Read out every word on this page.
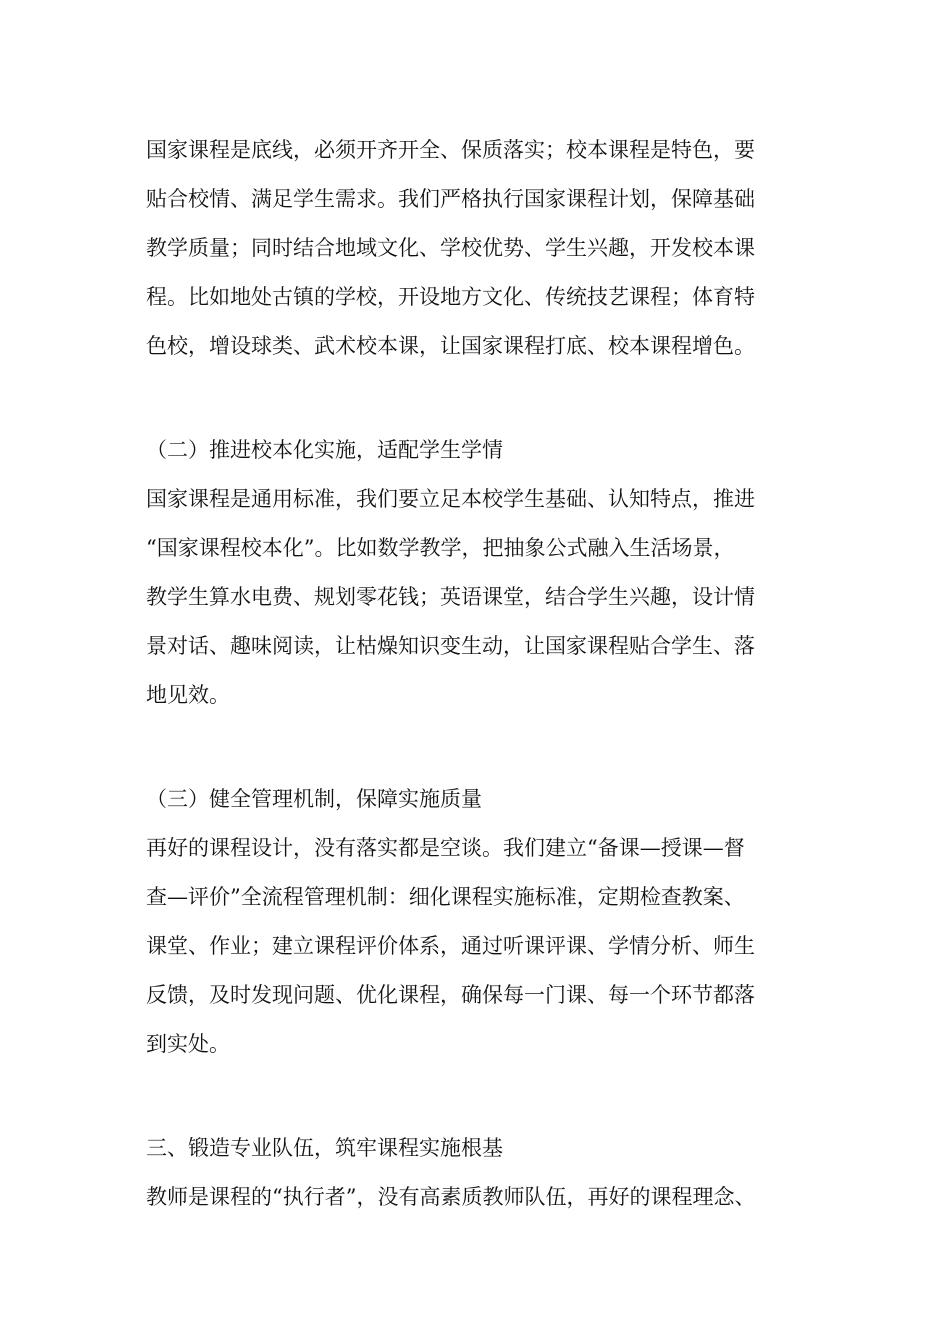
国家课程是底线，必须开齐开全、保质落实；校本课程是特色，要

贴合校情、满足学生需求。我们严格执行国家课程计划，保障基础

教学质量；同时结合地域文化、学校优势、学生兴趣，开发校本课

程。比如地处古镇的学校，开设地方文化、传统技艺课程；体育特

色校，增设球类、武术校本课，让国家课程打底、校本课程增色。

（二）推进校本化实施，适配学生学情

国家课程是通用标准，我们要立足本校学生基础、认知特点，推进

“国家课程校本化”。比如数学教学，把抽象公式融入生活场景，

教学生算水电费、规划零花钱；英语课堂，结合学生兴趣，设计情

景对话、趣味阅读，让枯燥知识变生动，让国家课程贴合学生、落

地见效。

（三）健全管理机制，保障实施质量

再好的课程设计，没有落实都是空谈。我们建立“备课—授课—督

查—评价”全流程管理机制：细化课程实施标准，定期检查教案、

课堂、作业；建立课程评价体系，通过听课评课、学情分析、师生

反馈，及时发现问题、优化课程，确保每一门课、每一个环节都落

到实处。

三、锻造专业队伍，筑牢课程实施根基

教师是课程的“执行者”，没有高素质教师队伍，再好的课程理念、
